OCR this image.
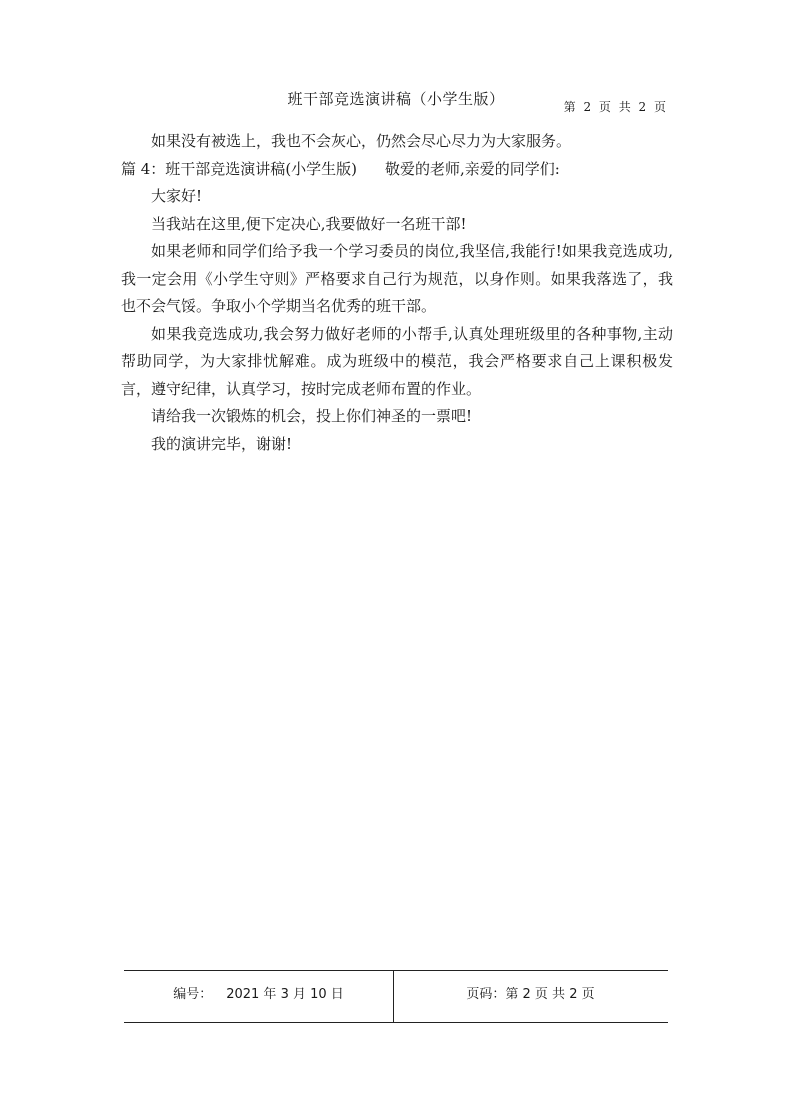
班干部竞选演讲稿（小学生版）	第 2 页 共 2 页

如果没有被选上，我也不会灰心，仍然会尽心尽力为大家服务。

篇 4：班干部竞选演讲稿(小学生版) 敬爱的老师,亲爱的同学们:

大家好!

当我站在这里,便下定决心,我要做好一名班干部!

如果老师和同学们给予我一个学习委员的岗位,我坚信,我能行!如果我竞选成功,我一定会用《小学生守则》严格要求自己行为规范，以身作则。如果我落选了，我也不会气馁。争取小个学期当名优秀的班干部。

如果我竞选成功,我会努力做好老师的小帮手,认真处理班级里的各种事物,主动帮助同学，为大家排忧解难。成为班级中的模范，我会严格要求自己上课积极发言，遵守纪律，认真学习，按时完成老师布置的作业。

请给我一次锻炼的机会，投上你们神圣的一票吧!

我的演讲完毕，谢谢!

编号： 2021 年 3 月 10 日	页码：第 2 页 共 2 页
